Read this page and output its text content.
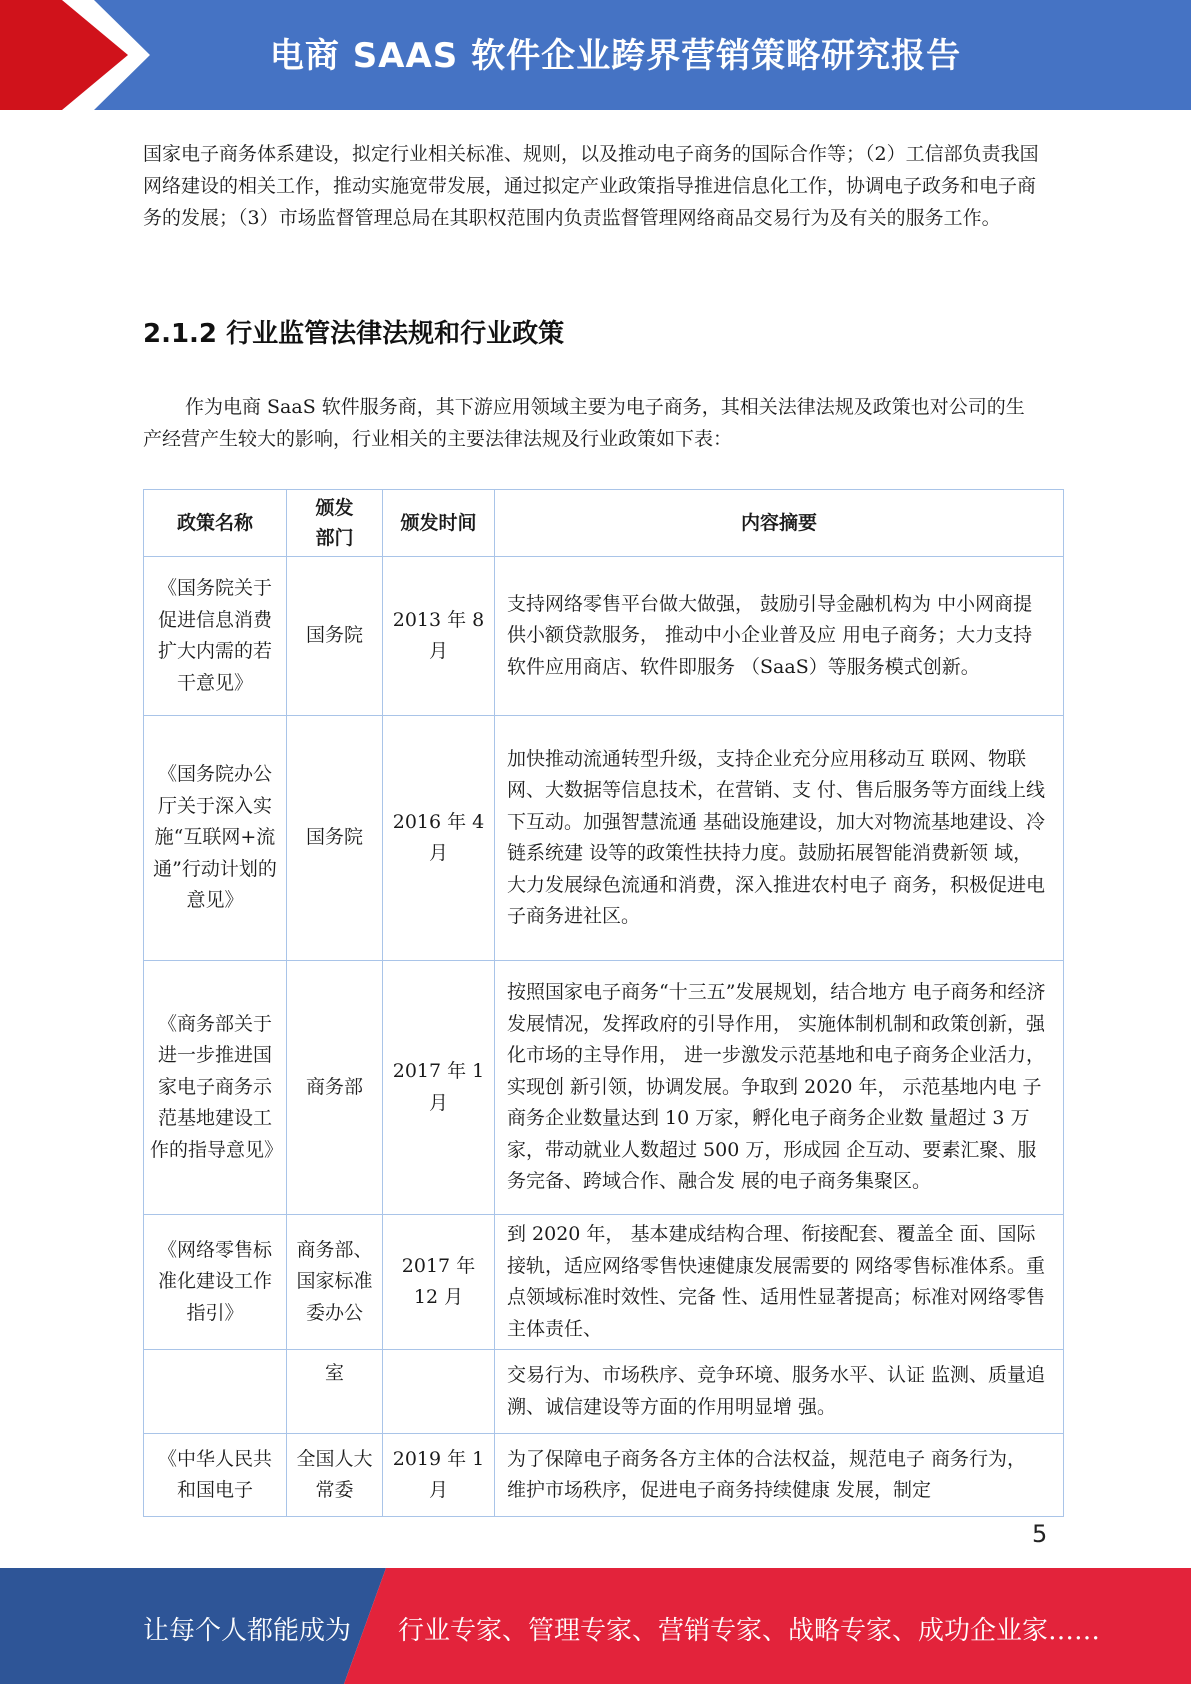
电商 SAAS 软件企业跨界营销策略研究报告

国家电子商务体系建设，拟定行业相关标准、规则，以及推动电子商务的国际合作等；（2）工信部负责我国网络建设的相关工作，推动实施宽带发展，通过拟定产业政策指导推进信息化工作，协调电子政务和电子商务的发展；（3）市场监督管理总局在其职权范围内负责监督管理网络商品交易行为及有关的服务工作。

2.1.2 行业监管法律法规和行业政策

作为电商 SaaS 软件服务商，其下游应用领域主要为电子商务，其相关法律法规及政策也对公司的生产经营产生较大的影响，行业相关的主要法律法规及行业政策如下表：

政策名称	颁发部门	颁发时间	内容摘要
《国务院关于促进信息消费扩大内需的若干意见》	国务院	2013 年 8 月	支持网络零售平台做大做强， 鼓励引导金融机构为 中小网商提供小额贷款服务， 推动中小企业普及应 用电子商务；大力支持软件应用商店、软件即服务 （SaaS）等服务模式创新。
《国务院办公厅关于深入实施“互联网+流通”行动计划的意见》	国务院	2016 年 4 月	加快推动流通转型升级，支持企业充分应用移动互 联网、物联网、大数据等信息技术，在营销、支 付、售后服务等方面线上线下互动。加强智慧流通 基础设施建设，加大对物流基地建设、冷链系统建 设等的政策性扶持力度。鼓励拓展智能消费新领 域，大力发展绿色流通和消费，深入推进农村电子 商务，积极促进电子商务进社区。
《商务部关于进一步推进国家电子商务示范基地建设工作的指导意见》	商务部	2017 年 1 月	按照国家电子商务“十三五”发展规划，结合地方 电子商务和经济发展情况，发挥政府的引导作用， 实施体制机制和政策创新，强化市场的主导作用， 进一步激发示范基地和电子商务企业活力，实现创 新引领，协调发展。争取到 2020 年， 示范基地内电 子商务企业数量达到 10 万家，孵化电子商务企业数 量超过 3 万家，带动就业人数超过 500 万，形成园 企互动、要素汇聚、服务完备、跨域合作、融合发 展的电子商务集聚区。
《网络零售标准化建设工作指引》	商务部、国家标准委办公	2017 年 12 月	到 2020 年， 基本建成结构合理、衔接配套、覆盖全 面、国际接轨，适应网络零售快速健康发展需要的 网络零售标准体系。重点领域标准时效性、完备 性、适用性显著提高；标准对网络零售主体责任、
	室		交易行为、市场秩序、竞争环境、服务水平、认证 监测、质量追溯、诚信建设等方面的作用明显增 强。
《中华人民共和国电子	全国人大常委	2019 年 1 月	为了保障电子商务各方主体的合法权益，规范电子 商务行为， 维护市场秩序，促进电子商务持续健康 发展，制定
5
让每个人都能成为 行业专家、管理专家、营销专家、战略专家、成功企业家……
